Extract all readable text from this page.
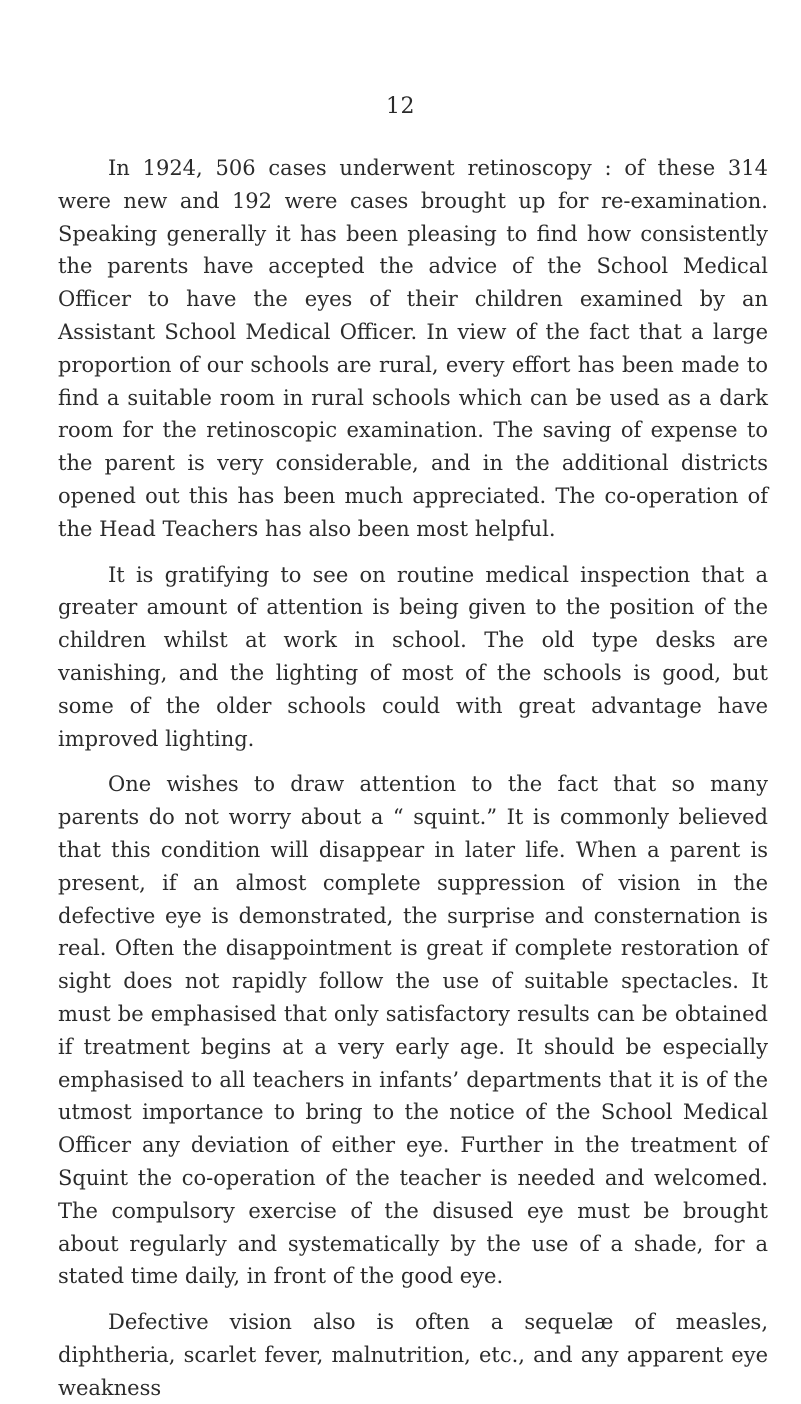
12

In 1924, 506 cases underwent retinoscopy : of these 314 were new and 192 were cases brought up for re-examination. Speaking generally it has been pleasing to find how consistently the parents have accepted the advice of the School Medical Officer to have the eyes of their children examined by an Assistant School Medical Officer. In view of the fact that a large proportion of our schools are rural, every effort has been made to find a suitable room in rural schools which can be used as a dark room for the retinoscopic examination. The saving of expense to the parent is very considerable, and in the additional districts opened out this has been much appreciated. The co-operation of the Head Teachers has also been most helpful.

It is gratifying to see on routine medical inspection that a greater amount of attention is being given to the position of the children whilst at work in school. The old type desks are vanishing, and the lighting of most of the schools is good, but some of the older schools could with great advantage have improved lighting.

One wishes to draw attention to the fact that so many parents do not worry about a “ squint.” It is commonly believed that this condition will disappear in later life. When a parent is present, if an almost complete suppression of vision in the defective eye is demonstrated, the surprise and consternation is real. Often the disappointment is great if complete restoration of sight does not rapidly follow the use of suitable spectacles. It must be emphasised that only satisfactory results can be obtained if treatment begins at a very early age. It should be especially emphasised to all teachers in infants’ departments that it is of the utmost importance to bring to the notice of the School Medical Officer any deviation of either eye. Further in the treatment of Squint the co-operation of the teacher is needed and welcomed. The compulsory exercise of the disused eye must be brought about regularly and systematically by the use of a shade, for a stated time daily, in front of the good eye.

Defective vision also is often a sequelæ of measles, diphtheria, scarlet fever, malnutrition, etc., and any apparent eye weakness
